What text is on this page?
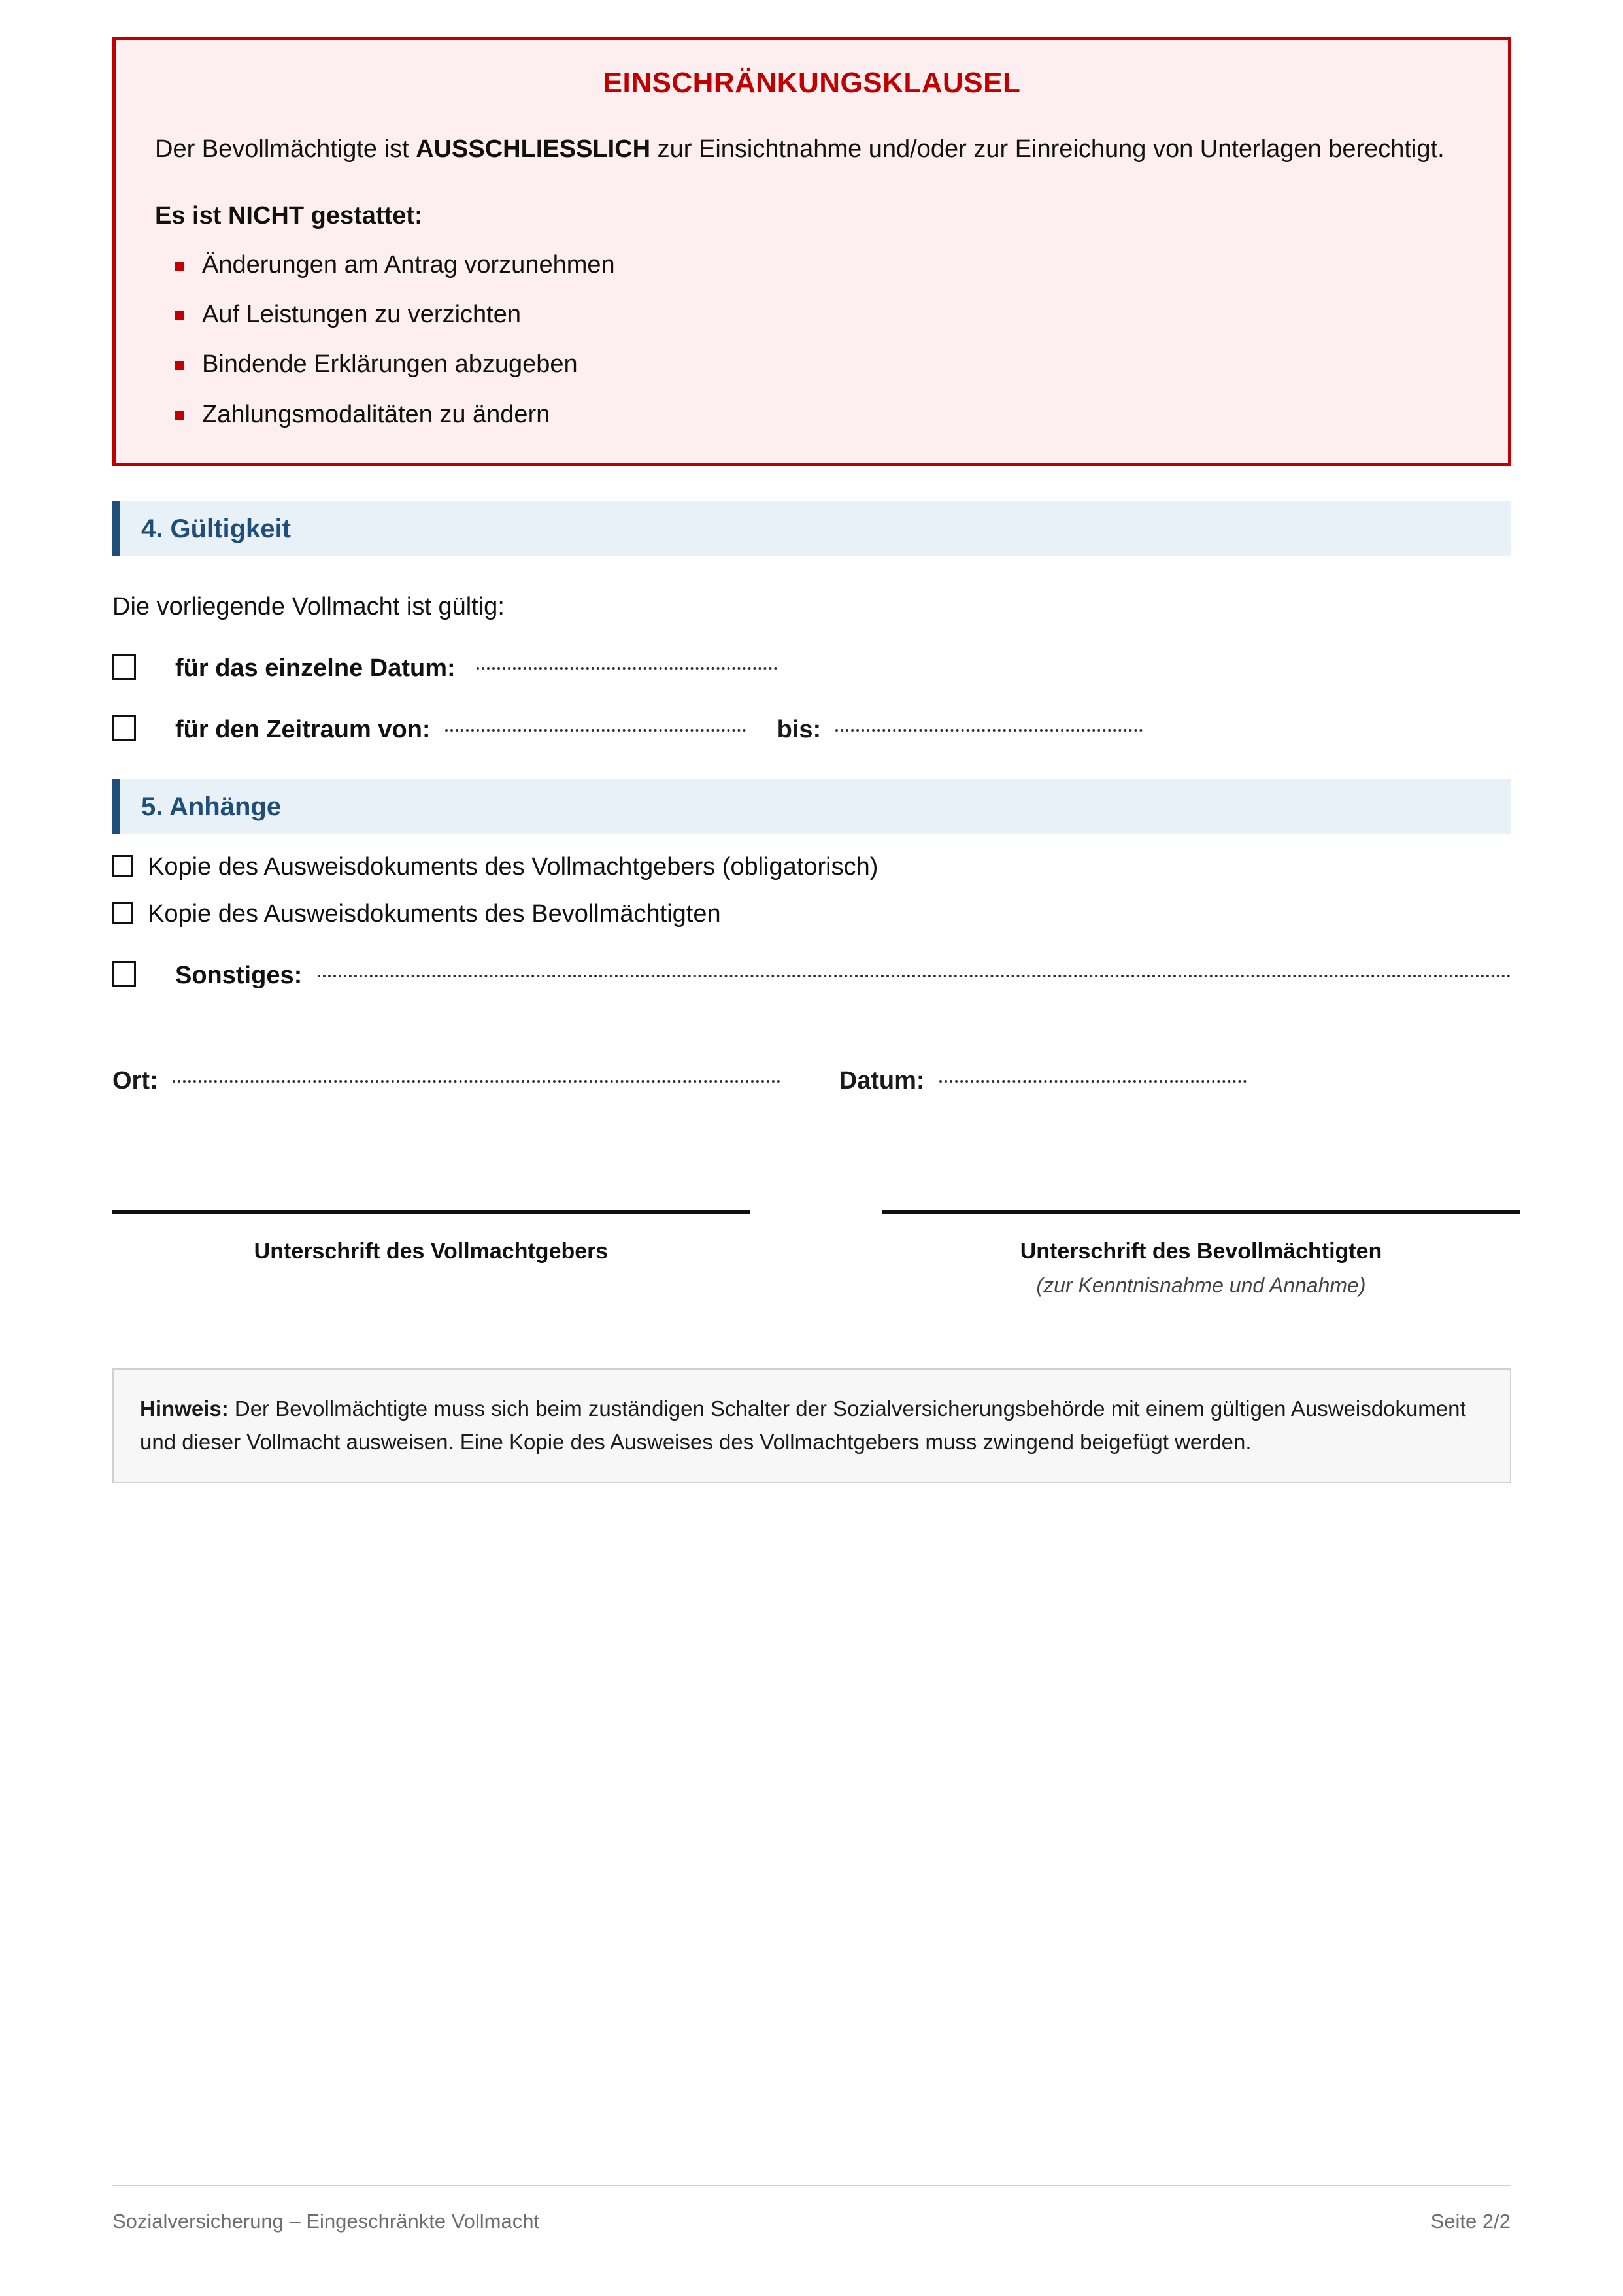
EINSCHRÄNKUNGSKLAUSEL

Der Bevollmächtigte ist AUSSCHLIESSLICH zur Einsichtnahme und/oder zur Einreichung von Unterlagen berechtigt.

Es ist NICHT gestattet:
Änderungen am Antrag vorzunehmen
Auf Leistungen zu verzichten
Bindende Erklärungen abzugeben
Zahlungsmodalitäten zu ändern
4. Gültigkeit

Die vorliegende Vollmacht ist gültig:

für das einzelne Datum:
für den Zeitraum von:	bis:
5. Anhänge
Kopie des Ausweisdokuments des Vollmachtgebers (obligatorisch)
Kopie des Ausweisdokuments des Bevollmächtigten
Sonstiges:
Ort:	Datum:
Unterschrift des Vollmachtgebers	Unterschrift des Bevollmächtigten
(zur Kenntnisnahme und Annahme)

Hinweis: Der Bevollmächtigte muss sich beim zuständigen Schalter der Sozialversicherungsbehörde mit einem gültigen Ausweisdokument und dieser Vollmacht ausweisen. Eine Kopie des Ausweises des Vollmachtgebers muss zwingend beigefügt werden.

Sozialversicherung – Eingeschränkte Vollmacht	Seite 2/2
